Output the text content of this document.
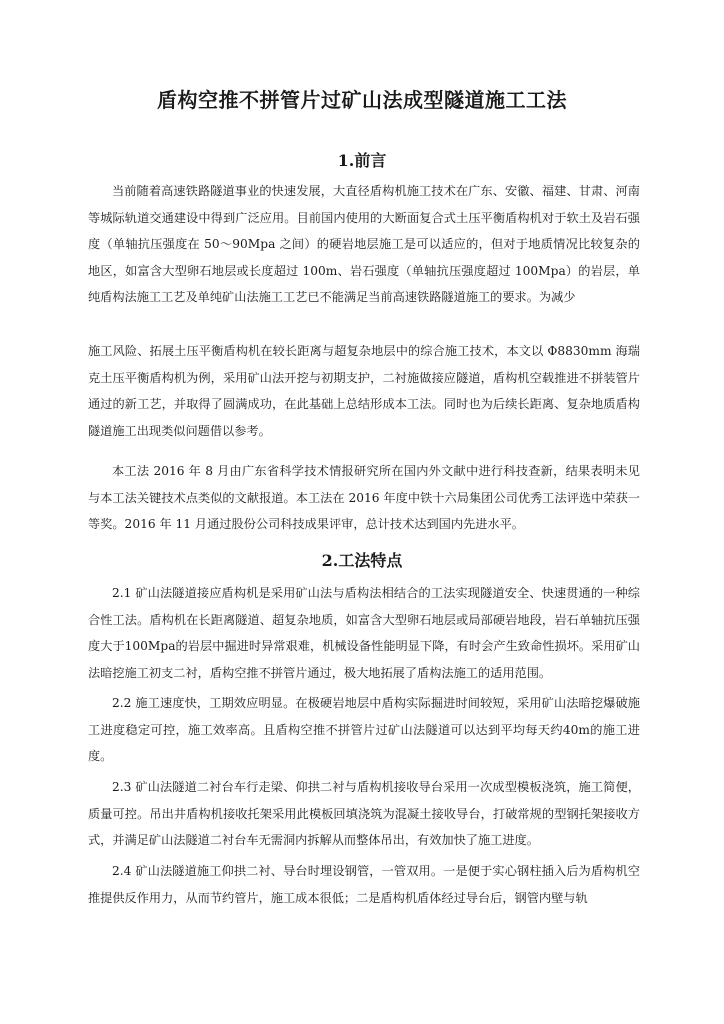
盾构空推不拼管片过矿山法成型隧道施工工法
1.前言

当前随着高速铁路隧道事业的快速发展，大直径盾构机施工技术在广东、安徽、福建、甘肃、河南等城际轨道交通建设中得到广泛应用。目前国内使用的大断面复合式土压平衡盾构机对于软土及岩石强度（单轴抗压强度在 50～90Mpa 之间）的硬岩地层施工是可以适应的，但对于地质情况比较复杂的地区，如富含大型卵石地层或长度超过 100m、岩石强度（单轴抗压强度超过 100Mpa）的岩层，单纯盾构法施工工艺及单纯矿山法施工工艺已不能满足当前高速铁路隧道施工的要求。为减少

施工风险、拓展土压平衡盾构机在较长距离与超复杂地层中的综合施工技术，本文以 Φ8830mm 海瑞克土压平衡盾构机为例，采用矿山法开挖与初期支护，二衬施做接应隧道，盾构机空载推进不拼装管片通过的新工艺，并取得了圆满成功，在此基础上总结形成本工法。同时也为后续长距离、复杂地质盾构隧道施工出现类似问题借以参考。

本工法 2016 年 8 月由广东省科学技术情报研究所在国内外文献中进行科技查新，结果表明未见与本工法关键技术点类似的文献报道。本工法在 2016 年度中铁十六局集团公司优秀工法评选中荣获一等奖。2016 年 11 月通过股份公司科技成果评审，总计技术达到国内先进水平。

2.工法特点

2.1 矿山法隧道接应盾构机是采用矿山法与盾构法相结合的工法实现隧道安全、快速贯通的一种综合性工法。盾构机在长距离隧道、超复杂地质，如富含大型卵石地层或局部硬岩地段，岩石单轴抗压强度大于100Mpa的岩层中掘进时异常艰难，机械设备性能明显下降，有时会产生致命性损坏。采用矿山法暗挖施工初支二衬，盾构空推不拼管片通过，极大地拓展了盾构法施工的适用范围。

2.2 施工速度快，工期效应明显。在极硬岩地层中盾构实际掘进时间较短，采用矿山法暗挖爆破施工进度稳定可控，施工效率高。且盾构空推不拼管片过矿山法隧道可以达到平均每天约40m的施工进度。

2.3 矿山法隧道二衬台车行走梁、仰拱二衬与盾构机接收导台采用一次成型模板浇筑，施工简便，质量可控。吊出井盾构机接收托架采用此模板回填浇筑为混凝土接收导台，打破常规的型钢托架接收方式，并满足矿山法隧道二衬台车无需洞内拆解从而整体吊出，有效加快了施工进度。

2.4 矿山法隧道施工仰拱二衬、导台时埋设钢管，一管双用。一是便于实心钢柱插入后为盾构机空推提供反作用力，从而节约管片，施工成本很低；二是盾构机盾体经过导台后，钢管内壁与轨
